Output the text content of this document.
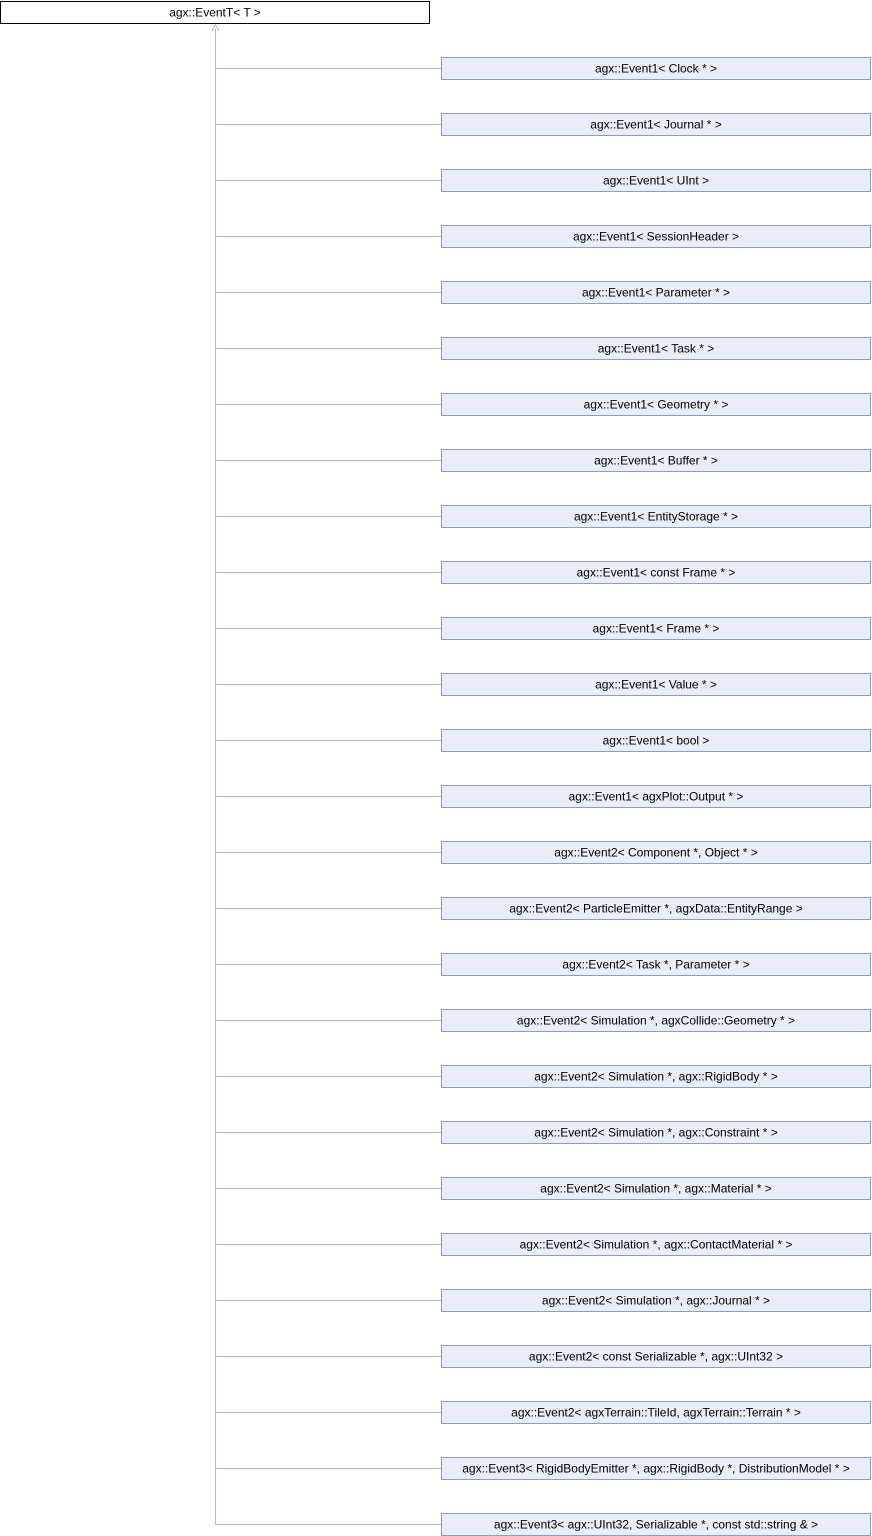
agx::EventT< T >
agx::Event1< Clock * >
agx::Event1< Journal * >
agx::Event1< UInt >
agx::Event1< SessionHeader >
agx::Event1< Parameter * >
agx::Event1< Task * >
agx::Event1< Geometry * >
agx::Event1< Buffer * >
agx::Event1< EntityStorage * >
agx::Event1< const Frame * >
agx::Event1< Frame * >
agx::Event1< Value * >
agx::Event1< bool >
agx::Event1< agxPlot::Output * >
agx::Event2< Component *, Object * >
agx::Event2< ParticleEmitter *, agxData::EntityRange >
agx::Event2< Task *, Parameter * >
agx::Event2< Simulation *, agxCollide::Geometry * >
agx::Event2< Simulation *, agx::RigidBody * >
agx::Event2< Simulation *, agx::Constraint * >
agx::Event2< Simulation *, agx::Material * >
agx::Event2< Simulation *, agx::ContactMaterial * >
agx::Event2< Simulation *, agx::Journal * >
agx::Event2< const Serializable *, agx::UInt32 >
agx::Event2< agxTerrain::TileId, agxTerrain::Terrain * >
agx::Event3< RigidBodyEmitter *, agx::RigidBody *, DistributionModel * >
agx::Event3< agx::UInt32, Serializable *, const std::string & >
